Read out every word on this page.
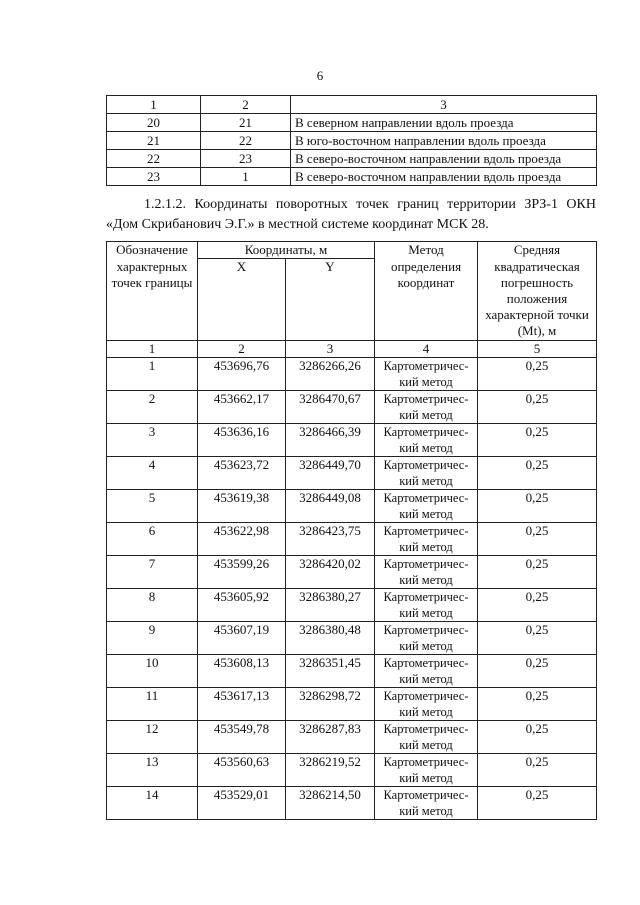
6
1	2	3
20	21	В северном направлении вдоль проезда
21	22	В юго-восточном направлении вдоль проезда
22	23	В северо-восточном направлении вдоль проезда
23	1	В северо-восточном направлении вдоль проезда
1.2.1.2. Координаты поворотных точек границ территории ЗРЗ-1 ОКН «Дом Скрибанович Э.Г.» в местной системе координат МСК 28.
Обозначение	Координаты, м		Метод	Средняя
характерных точек границы	X	Y	определения координат	квадратическая погрешность положения характерной точки (Mt), м
1	2	3	4	5
1	453696,76	3286266,26	Картометричес- кий метод	0,25
2	453662,17	3286470,67	Картометричес- кий метод	0,25
3	453636,16	3286466,39	Картометричес- кий метод	0,25
4	453623,72	3286449,70	Картометричес- кий метод	0,25
5	453619,38	3286449,08	Картометричес- кий метод	0,25
6	453622,98	3286423,75	Картометричес- кий метод	0,25
7	453599,26	3286420,02	Картометричес- кий метод	0,25
8	453605,92	3286380,27	Картометричес- кий метод	0,25
9	453607,19	3286380,48	Картометричес- кий метод	0,25
10	453608,13	3286351,45	Картометричес- кий метод	0,25
11	453617,13	3286298,72	Картометричес- кий метод	0,25
12	453549,78	3286287,83	Картометричес- кий метод	0,25
13	453560,63	3286219,52	Картометричес- кий метод	0,25
14	453529,01	3286214,50	Картометричес- кий метод	0,25
